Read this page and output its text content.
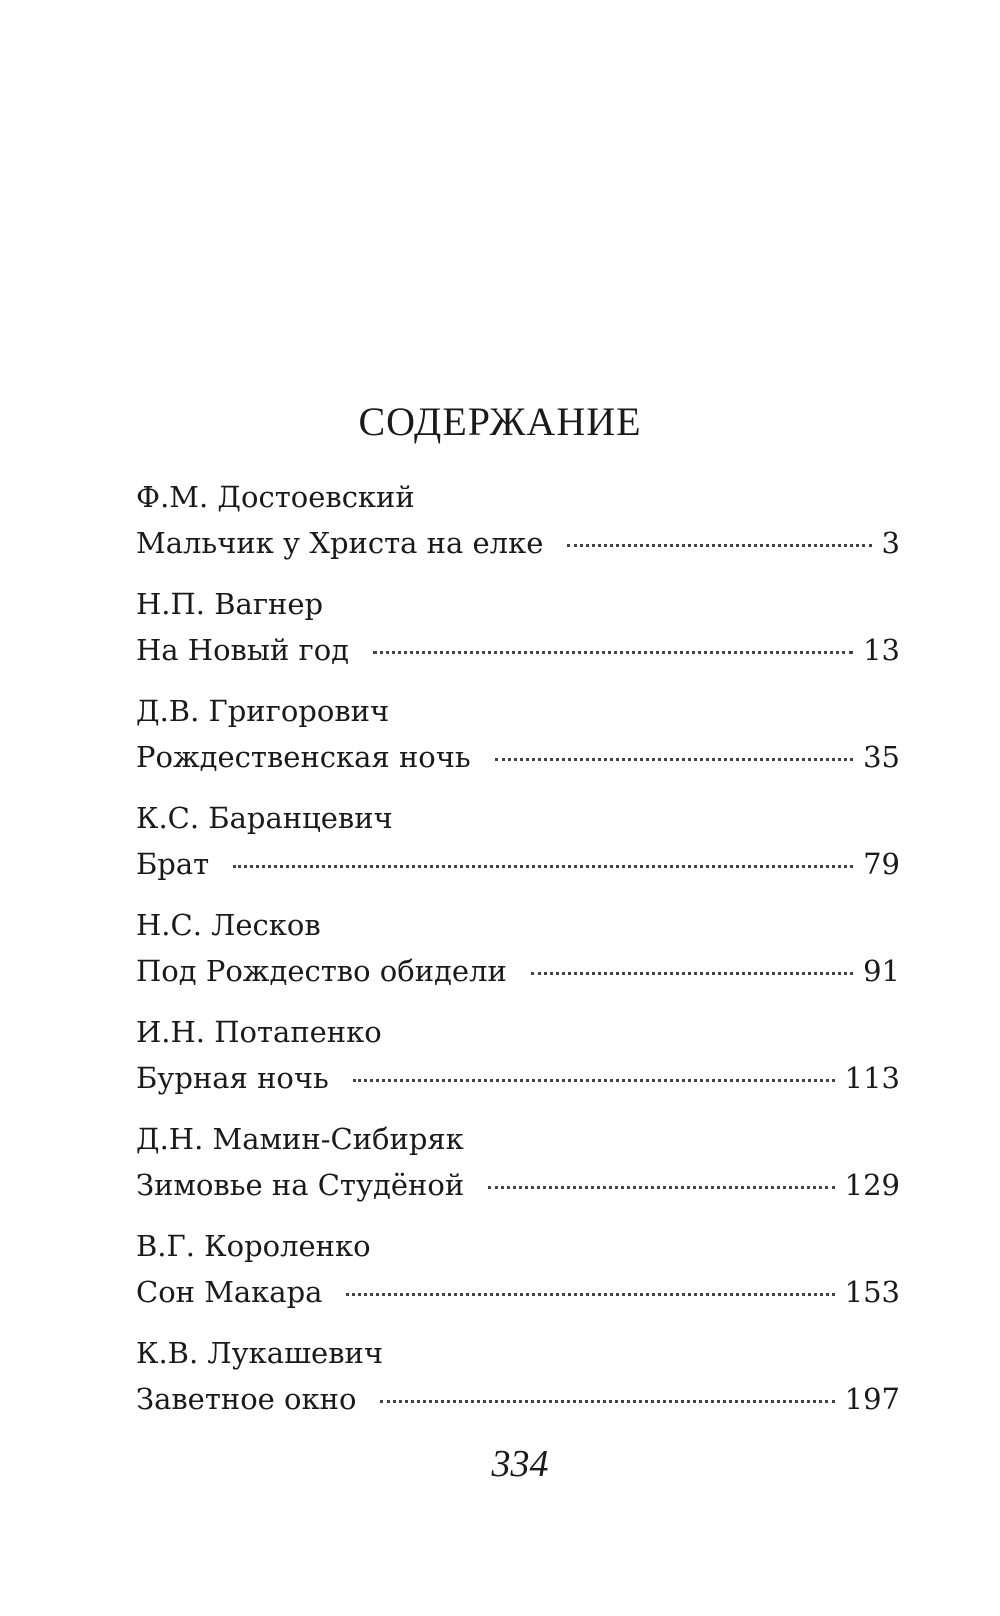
СОДЕРЖАНИЕ
Ф.М. Достоевский
Мальчик у Христа на елке	3
Н.П. Вагнер
На Новый год	13
Д.В. Григорович
Рождественская ночь	35
К.С. Баранцевич
Брат	79
Н.С. Лесков
Под Рождество обидели	91
И.Н. Потапенко
Бурная ночь	113
Д.Н. Мамин-Сибиряк
Зимовье на Студёной	129
В.Г. Короленко
Сон Макара	153
К.В. Лукашевич
Заветное окно	197
334
